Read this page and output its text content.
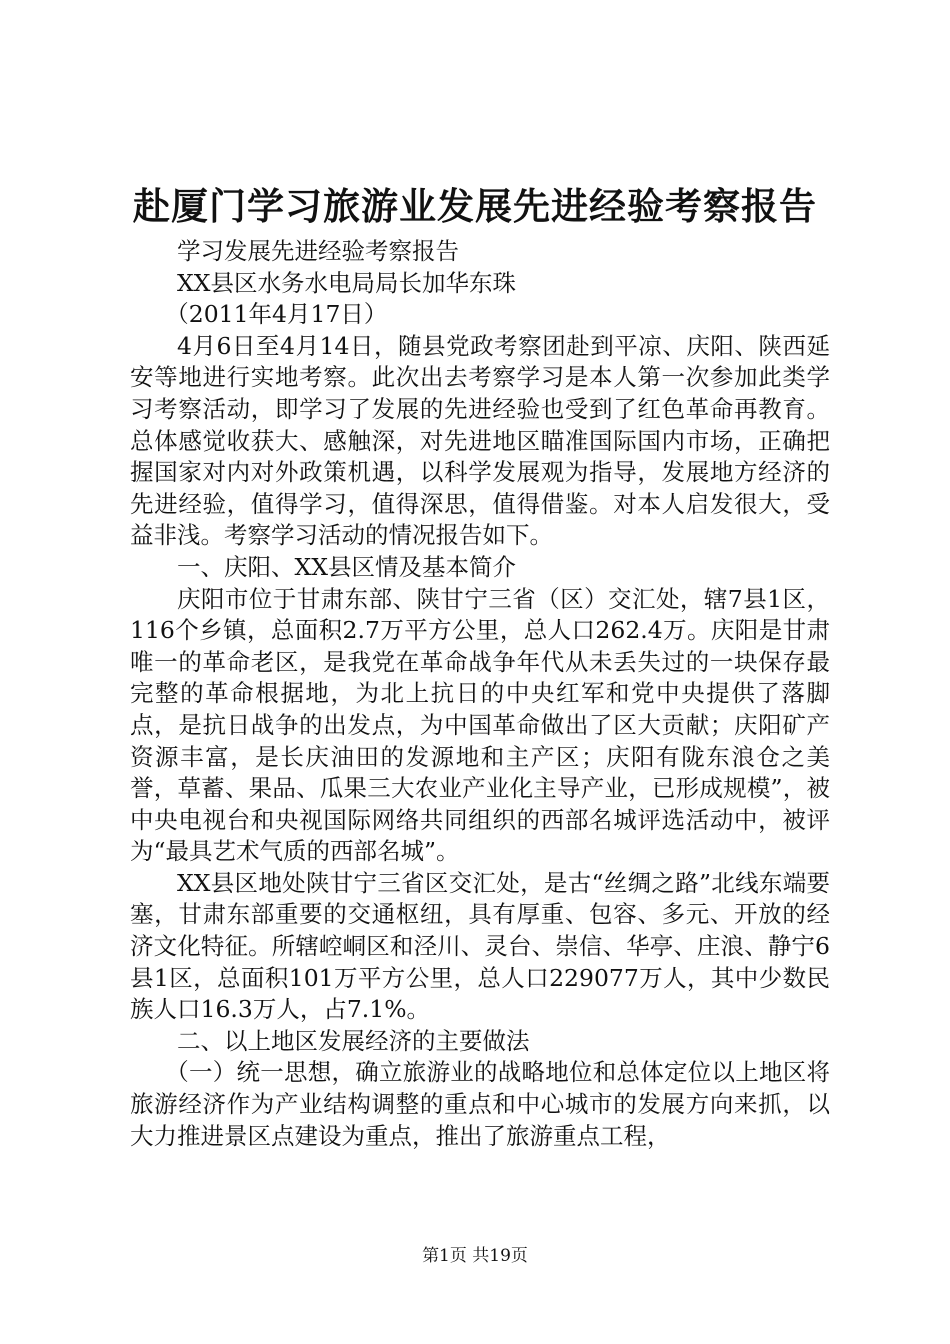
赴厦门学习旅游业发展先进经验考察报告

学习发展先进经验考察报告

XX县区水务水电局局长加华东珠

（2011年4月17日）

4月6日至4月14日，随县党政考察团赴到平凉、庆阳、陕西延安等地进行实地考察。此次出去考察学习是本人第一次参加此类学习考察活动，即学习了发展的先进经验也受到了红色革命再教育。总体感觉收获大、感触深，对先进地区瞄准国际国内市场，正确把握国家对内对外政策机遇，以科学发展观为指导，发展地方经济的先进经验，值得学习，值得深思，值得借鉴。对本人启发很大，受益非浅。考察学习活动的情况报告如下。

一、庆阳、XX县区情及基本简介

庆阳市位于甘肃东部、陕甘宁三省（区）交汇处，辖7县1区，116个乡镇，总面积2.7万平方公里，总人口262.4万。庆阳是甘肃唯一的革命老区，是我党在革命战争年代从未丢失过的一块保存最完整的革命根据地，为北上抗日的中央红军和党中央提供了落脚点，是抗日战争的出发点，为中国革命做出了区大贡献；庆阳矿产资源丰富，是长庆油田的发源地和主产区；庆阳有陇东浪仓之美誉，草蓄、果品、瓜果三大农业产业化主导产业，已形成规模”，被中央电视台和央视国际网络共同组织的西部名城评选活动中，被评为“最具艺术气质的西部名城”。

XX县区地处陕甘宁三省区交汇处，是古“丝绸之路”北线东端要塞，甘肃东部重要的交通枢纽，具有厚重、包容、多元、开放的经济文化特征。所辖崆峒区和泾川、灵台、崇信、华亭、庄浪、静宁6县1区，总面积101万平方公里，总人口229077万人，其中少数民族人口16.3万人，占7.1%。

二、以上地区发展经济的主要做法

（一）统一思想，确立旅游业的战略地位和总体定位以上地区将旅游经济作为产业结构调整的重点和中心城市的发展方向来抓，以大力推进景区点建设为重点，推出了旅游重点工程，

第1页 共19页
